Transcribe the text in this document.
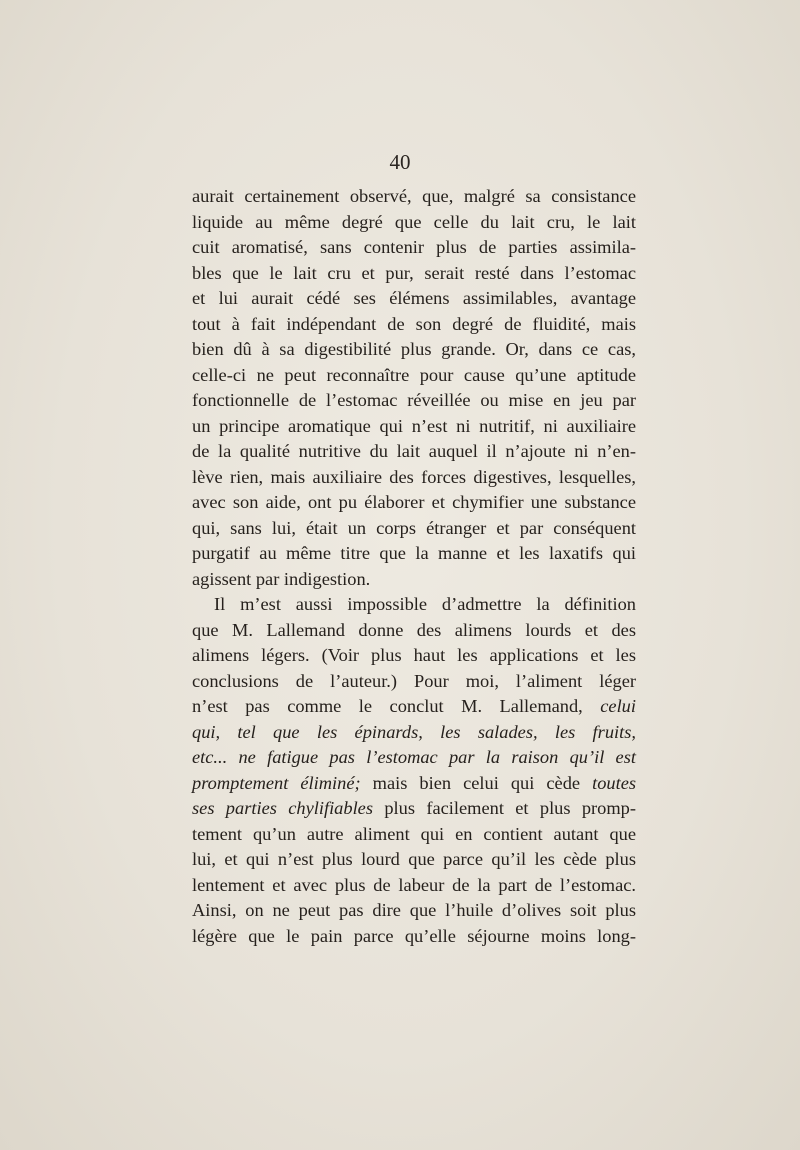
40
aurait certainement observé, que, malgré sa consistance
liquide au même degré que celle du lait cru, le lait
cuit aromatisé, sans contenir plus de parties assimila-
bles que le lait cru et pur, serait resté dans l’estomac
et lui aurait cédé ses élémens assimilables, avantage
tout à fait indépendant de son degré de fluidité, mais
bien dû à sa digestibilité plus grande. Or, dans ce cas,
celle-ci ne peut reconnaître pour cause qu’une aptitude
fonctionnelle de l’estomac réveillée ou mise en jeu par
un principe aromatique qui n’est ni nutritif, ni auxiliaire
de la qualité nutritive du lait auquel il n’ajoute ni n’en-
lève rien, mais auxiliaire des forces digestives, lesquelles,
avec son aide, ont pu élaborer et chymifier une substance
qui, sans lui, était un corps étranger et par conséquent
purgatif au même titre que la manne et les laxatifs qui
agissent par indigestion.
Il m’est aussi impossible d’admettre la définition
que M. Lallemand donne des alimens lourds et des
alimens légers. (Voir plus haut les applications et les
conclusions de l’auteur.) Pour moi, l’aliment léger
n’est pas comme le conclut M. Lallemand, celui
qui, tel que les épinards, les salades, les fruits,
etc... ne fatigue pas l’estomac par la raison qu’il est
promptement éliminé; mais bien celui qui cède toutes
ses parties chylifiables plus facilement et plus promp-
tement qu’un autre aliment qui en contient autant que
lui, et qui n’est plus lourd que parce qu’il les cède plus
lentement et avec plus de labeur de la part de l’estomac.
Ainsi, on ne peut pas dire que l’huile d’olives soit plus
légère que le pain parce qu’elle séjourne moins long-
